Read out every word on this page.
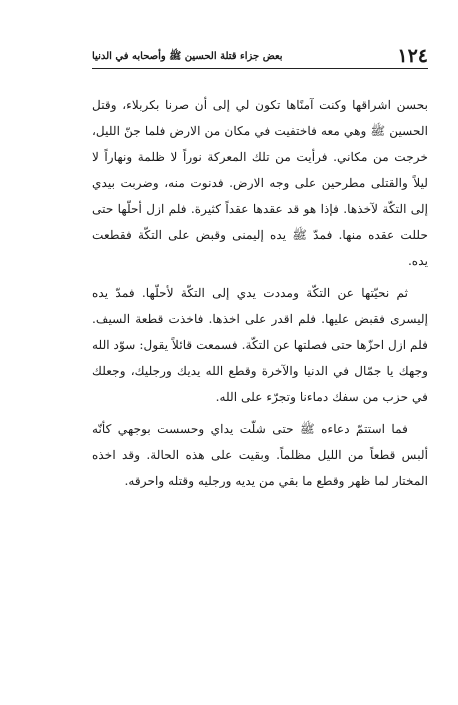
١٢٤
بعض جزاء قتلة الحسين ﷺ وأصحابه في الدنيا

بحسن اشراقها وكنت آمنًاها تكون لي إلى أن صرنا بكربلاء، وقتل الحسين ﷺ وهي معه فاختفيت في مكان من الارض فلما جنّ الليل، خرجت من مكاني. فرأيت من تلك المعركة نوراً لا ظلمة ونهاراً لا ليلاً والقتلى مطرحين على وجه الارض. فدنوت منه، وضربت بيدي إلى التكّة لآخذها. فإذا هو قد عقدها عقداً كثيرة. فلم ازل أحلّها حتى حللت عقده منها. فمدّ ﷺ يده إليمنى وقبض على التكّة فقطعت يده.

ثم نحيّتها عن التكّة ومددت يدي إلى التكّة لأحلّها. فمدّ يده إليسرى فقبض عليها. فلم اقدر على اخذها. فاخذت قطعة السيف. فلم ازل احزّها حتى فصلتها عن التكّة. فسمعت قائلاً يقول: سوّد الله وجهك يا جمّال في الدنيا والآخرة وقطع الله يديك ورجليك، وجعلك في حزب من سفك دماءنا وتجرّء على الله.

فما استتمّ دعاءه ﷺ حتى شلّت يداي وحسست بوجهي كأنّه ألبس قطعاً من الليل مظلماً. وبقيت على هذه الحالة. وقد اخذه المختار لما ظهر وقطع ما بقي من يديه ورجليه وقتله واحرقه.
